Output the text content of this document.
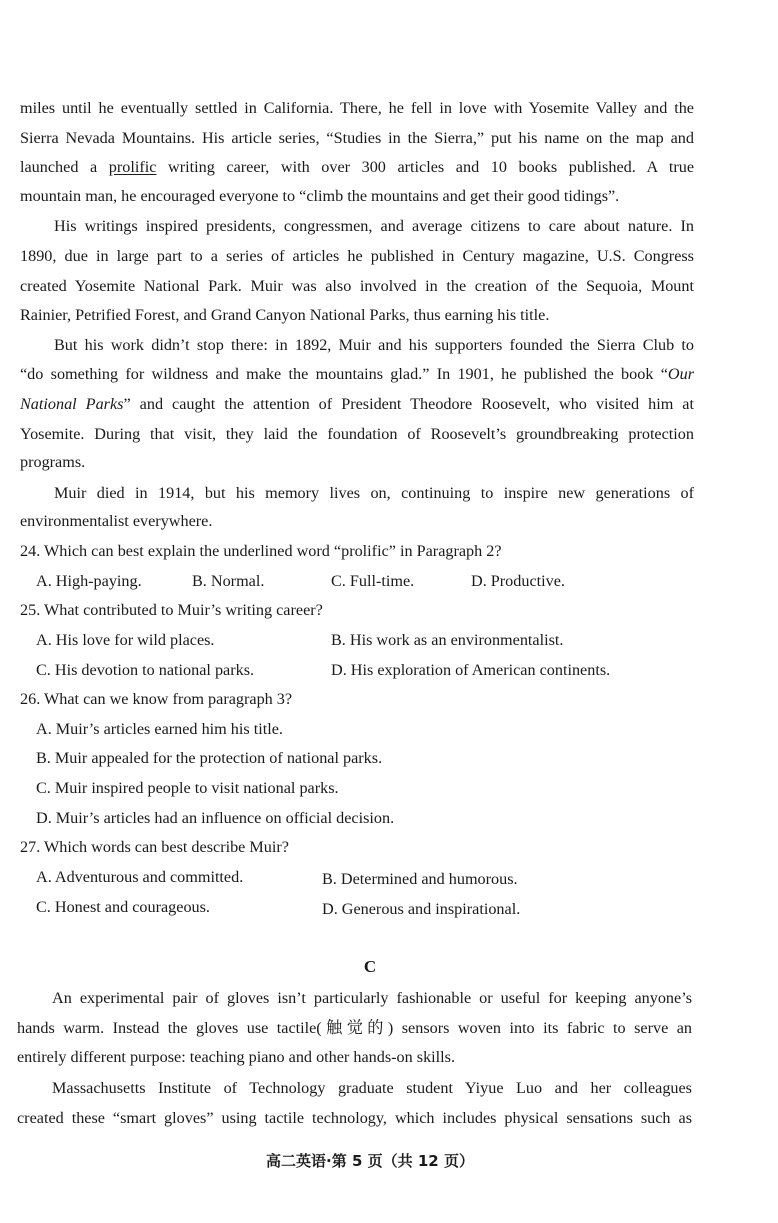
miles until he eventually settled in California. There, he fell in love with Yosemite Valley and the
Sierra Nevada Mountains. His article series, “Studies in the Sierra,” put his name on the map and
launched a prolific writing career, with over 300 articles and 10 books published. A true
mountain man, he encouraged everyone to “climb the mountains and get their good tidings”.
His writings inspired presidents, congressmen, and average citizens to care about nature. In
1890, due in large part to a series of articles he published in Century magazine, U.S. Congress
created Yosemite National Park. Muir was also involved in the creation of the Sequoia, Mount
Rainier, Petrified Forest, and Grand Canyon National Parks, thus earning his title.
But his work didn’t stop there: in 1892, Muir and his supporters founded the Sierra Club to
“do something for wildness and make the mountains glad.” In 1901, he published the book “Our
National Parks” and caught the attention of President Theodore Roosevelt, who visited him at
Yosemite. During that visit, they laid the foundation of Roosevelt’s groundbreaking protection
programs.
Muir died in 1914, but his memory lives on, continuing to inspire new generations of
environmentalist everywhere.
24. Which can best explain the underlined word “prolific” in Paragraph 2?
A. High-paying.	B. Normal.	C. Full-time.	D. Productive.
25. What contributed to Muir’s writing career?
A. His love for wild places.	B. His work as an environmentalist.
C. His devotion to national parks.	D. His exploration of American continents.
26. What can we know from paragraph 3?
A. Muir’s articles earned him his title.
B. Muir appealed for the protection of national parks.
C. Muir inspired people to visit national parks.
D. Muir’s articles had an influence on official decision.
27. Which words can best describe Muir?
A. Adventurous and committed.	B. Determined and humorous.
C. Honest and courageous.	D. Generous and inspirational.
C
An experimental pair of gloves isn’t particularly fashionable or useful for keeping anyone’s
hands warm. Instead the gloves use tactile(触觉的) sensors woven into its fabric to serve an
entirely different purpose: teaching piano and other hands-on skills.
Massachusetts Institute of Technology graduate student Yiyue Luo and her colleagues
created these “smart gloves” using tactile technology, which includes physical sensations such as
高二英语·第 5 页（共 12 页）
